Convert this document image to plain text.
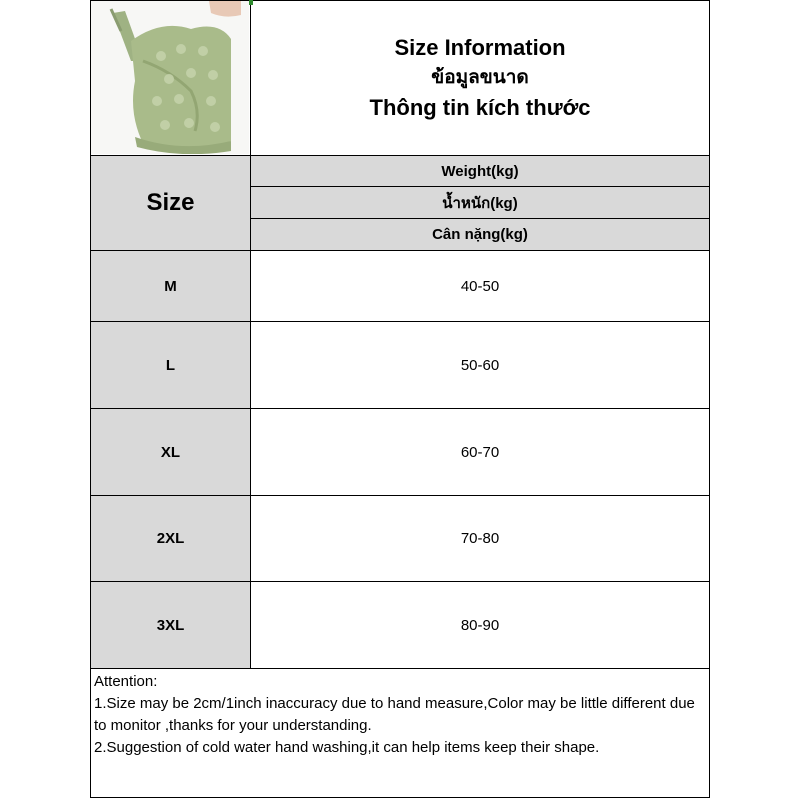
Size Information
ข้อมูลขนาด
Thông tin kích thước
Size
Weight(kg)
น้ำหนัก(kg)
Cân nặng(kg)
M	40-50
L	50-60
XL	60-70
2XL	70-80
3XL	80-90
Attention:
1.Size may be 2cm/1inch inaccuracy due to hand measure,Color may be little different due to monitor ,thanks for your understanding.
2.Suggestion of cold water hand washing,it can help items keep their shape.
